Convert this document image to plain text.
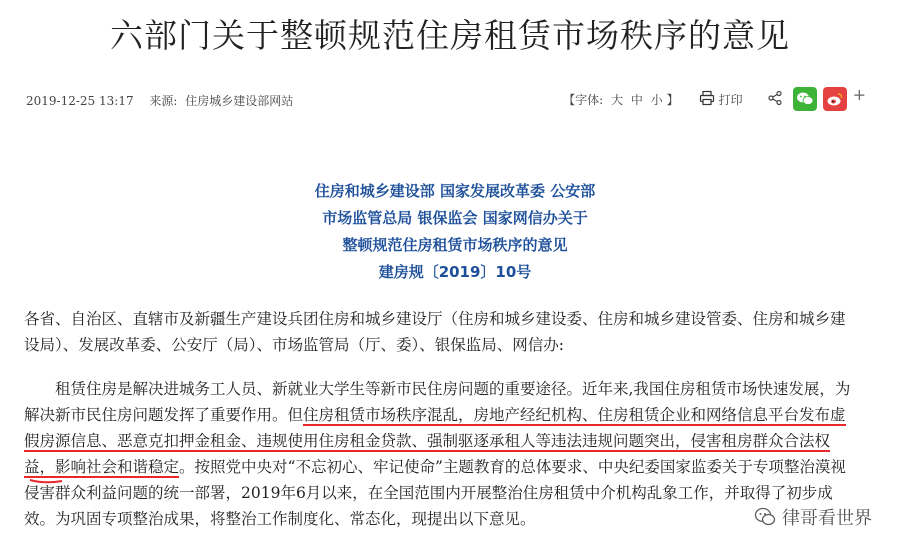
六部门关于整顿规范住房租赁市场秩序的意见
2019-12-25 13:17 来源: 住房城乡建设部网站	【字体: 大 中 小 】	打印	+
住房和城乡建设部 国家发展改革委 公安部
市场监管总局 银保监会 国家网信办关于
整顿规范住房租赁市场秩序的意见
建房规〔2019〕10号
各省、自治区、直辖市及新疆生产建设兵团住房和城乡建设厅（住房和城乡建设委、住房和城乡建设管委、住房和城乡建设局）、发展改革委、公安厅（局）、市场监管局（厅、委）、银保监局、网信办:
租赁住房是解决进城务工人员、新就业大学生等新市民住房问题的重要途径。近年来,我国住房租赁市场快速发展，为解决新市民住房问题发挥了重要作用。但住房租赁市场秩序混乱，房地产经纪机构、住房租赁企业和网络信息平台发布虚假房源信息、恶意克扣押金租金、违规使用住房租金贷款、强制驱逐承租人等违法违规问题突出，侵害租房群众合法权益，影响社会和谐稳定。按照党中央对“不忘初心、牢记使命”主题教育的总体要求、中央纪委国家监委关于专项整治漠视侵害群众利益问题的统一部署，2019年6月以来，在全国范围内开展整治住房租赁中介机构乱象工作，并取得了初步成效。为巩固专项整治成果，将整治工作制度化、常态化，现提出以下意见。	律哥看世界
